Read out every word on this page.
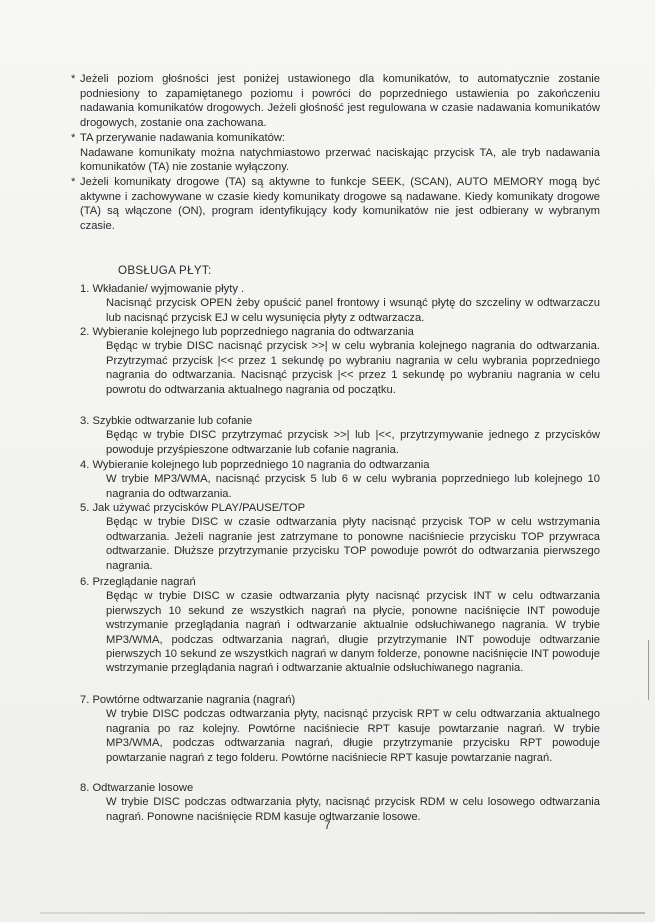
* Jeżeli poziom głośności jest poniżej ustawionego dla komunikatów, to automatycznie zostanie podniesiony to zapamiętanego poziomu i powróci do poprzedniego ustawienia po zakończeniu nadawania komunikatów drogowych. Jeżeli głośność jest regulowana w czasie nadawania komunikatów drogowych, zostanie ona zachowana.

* TA przerywanie nadawania komunikatów:

Nadawane komunikaty można natychmiastowo przerwać naciskając przycisk TA, ale tryb nadawania komunikatów (TA) nie zostanie wyłączony.

* Jeżeli komunikaty drogowe (TA) są aktywne to funkcje SEEK, (SCAN), AUTO MEMORY mogą być aktywne i zachowywane w czasie kiedy komunikaty drogowe są nadawane. Kiedy komunikaty drogowe (TA) są włączone (ON), program identyfikujący kody komunikatów nie jest odbierany w wybranym czasie.

OBSŁUGA PŁYT:

1. Wkładanie/ wyjmowanie płyty .

Nacisnąć przycisk OPEN żeby opuścić panel frontowy i wsunąć płytę do szczeliny w odtwarzaczu lub nacisnąć przycisk EJ w celu wysunięcia płyty z odtwarzacza.

2. Wybieranie kolejnego lub poprzedniego nagrania do odtwarzania

Będąc w trybie DISC nacisnąć przycisk >>| w celu wybrania kolejnego nagrania do odtwarzania. Przytrzymać przycisk |<< przez 1 sekundę po wybraniu nagrania w celu wybrania poprzedniego nagrania do odtwarzania. Nacisnąć przycisk |<< przez 1 sekundę po wybraniu nagrania w celu powrotu do odtwarzania aktualnego nagrania od początku.

3. Szybkie odtwarzanie lub cofanie

Będąc w trybie DISC przytrzymać przycisk >>| lub |<<, przytrzymywanie jednego z przycisków powoduje przyśpieszone odtwarzanie lub cofanie nagrania.

4. Wybieranie kolejnego lub poprzedniego 10 nagrania do odtwarzania

W trybie MP3/WMA, nacisnąć przycisk 5 lub 6 w celu wybrania poprzedniego lub kolejnego 10 nagrania do odtwarzania.

5. Jak używać przycisków PLAY/PAUSE/TOP

Będąc w trybie DISC w czasie odtwarzania płyty nacisnąć przycisk TOP w celu wstrzymania odtwarzania. Jeżeli nagranie jest zatrzymane to ponowne naciśniecie przycisku TOP przywraca odtwarzanie. Dłuższe przytrzymanie przycisku TOP powoduje powrót do odtwarzania pierwszego nagrania.

6. Przeglądanie nagrań

Będąc w trybie DISC w czasie odtwarzania płyty nacisnąć przycisk INT w celu odtwarzania pierwszych 10 sekund ze wszystkich nagrań na płycie, ponowne naciśnięcie INT powoduje wstrzymanie przeglądania nagrań i odtwarzanie aktualnie odsłuchiwanego nagrania. W trybie MP3/WMA, podczas odtwarzania nagrań, długie przytrzymanie INT powoduje odtwarzanie pierwszych 10 sekund ze wszystkich nagrań w danym folderze, ponowne naciśnięcie INT powoduje wstrzymanie przeglądania nagrań i odtwarzanie aktualnie odsłuchiwanego nagrania.

7. Powtórne odtwarzanie nagrania (nagrań)

W trybie DISC podczas odtwarzania płyty, nacisnąć przycisk RPT w celu odtwarzania aktualnego nagrania po raz kolejny. Powtórne naciśniecie RPT kasuje powtarzanie nagrań. W trybie MP3/WMA, podczas odtwarzania nagrań, długie przytrzymanie przycisku RPT powoduje powtarzanie nagrań z tego folderu. Powtórne naciśniecie RPT kasuje powtarzanie nagrań.

8. Odtwarzanie losowe

W trybie DISC podczas odtwarzania płyty, nacisnąć przycisk RDM w celu losowego odtwarzania nagrań. Ponowne naciśnięcie RDM kasuje odtwarzanie losowe.

7
